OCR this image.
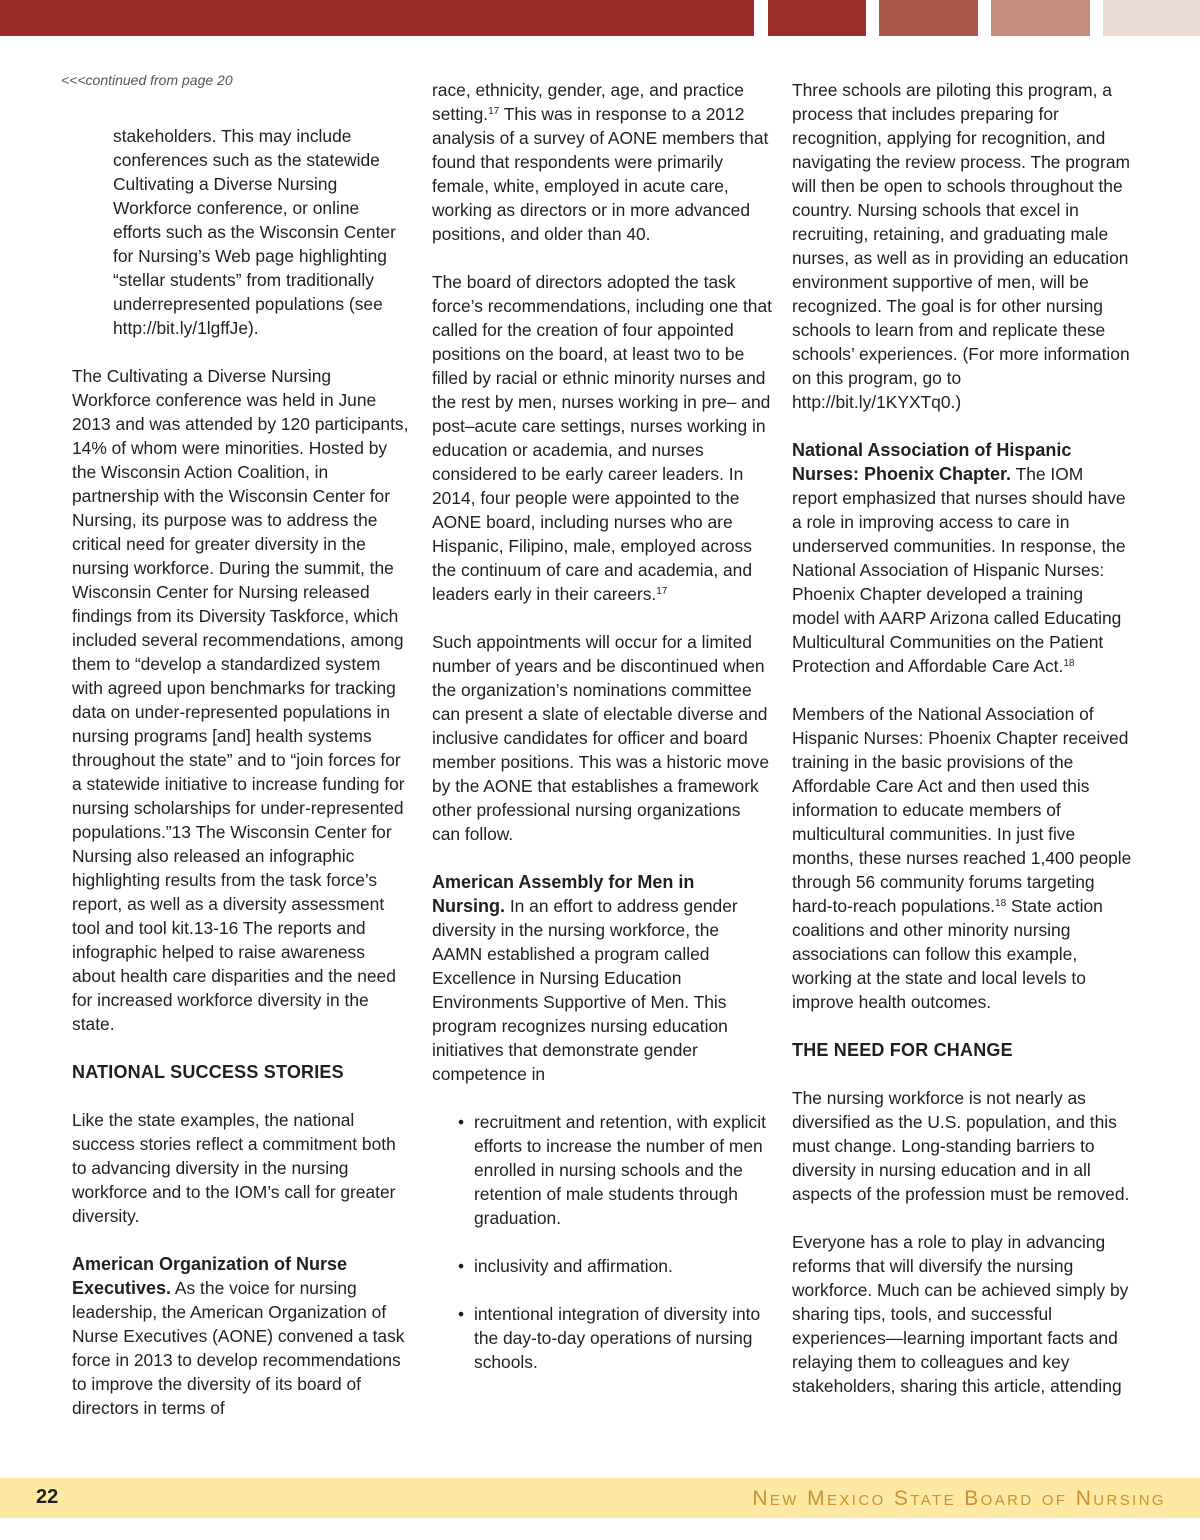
<<<continued from page 20

stakeholders. This may include conferences such as the statewide Cultivating a Diverse Nursing Workforce conference, or online efforts such as the Wisconsin Center for Nursing’s Web page highlighting “stellar students” from traditionally underrepresented populations (see http://bit.ly/1lgffJe).

The Cultivating a Diverse Nursing Workforce conference was held in June 2013 and was attended by 120 participants, 14% of whom were minorities. Hosted by the Wisconsin Action Coalition, in partnership with the Wisconsin Center for Nursing, its purpose was to address the critical need for greater diversity in the nursing workforce. During the summit, the Wisconsin Center for Nursing released findings from its Diversity Taskforce, which included several recommendations, among them to “develop a standardized system with agreed upon benchmarks for tracking data on under-represented populations in nursing programs [and] health systems throughout the state” and to “join forces for a statewide initiative to increase funding for nursing scholarships for under-represented populations.”13 The Wisconsin Center for Nursing also released an infographic highlighting results from the task force’s report, as well as a diversity assessment tool and tool kit.13-16 The reports and infographic helped to raise awareness about health care disparities and the need for increased workforce diversity in the state.

NATIONAL SUCCESS STORIES

Like the state examples, the national success stories reflect a commitment both to advancing diversity in the nursing workforce and to the IOM’s call for greater diversity.

American Organization of Nurse Executives. As the voice for nursing leadership, the American Organization of Nurse Executives (AONE) convened a task force in 2013 to develop recommendations to improve the diversity of its board of directors in terms of

race, ethnicity, gender, age, and practice setting.$^{17}$ This was in response to a 2012 analysis of a survey of AONE members that found that respondents were primarily female, white, employed in acute care, working as directors or in more advanced positions, and older than 40.

The board of directors adopted the task force’s recommendations, including one that called for the creation of four appointed positions on the board, at least two to be filled by racial or ethnic minority nurses and the rest by men, nurses working in pre– and post–acute care settings, nurses working in education or academia, and nurses considered to be early career leaders. In 2014, four people were appointed to the AONE board, including nurses who are Hispanic, Filipino, male, employed across the continuum of care and academia, and leaders early in their careers.$^{17}$

Such appointments will occur for a limited number of years and be discontinued when the organization’s nominations committee can present a slate of electable diverse and inclusive candidates for officer and board member positions. This was a historic move by the AONE that establishes a framework other professional nursing organizations can follow.

American Assembly for Men in Nursing. In an effort to address gender diversity in the nursing workforce, the AAMN established a program called Excellence in Nursing Education Environments Supportive of Men. This program recognizes nursing education initiatives that demonstrate gender competence in

• recruitment and retention, with explicit efforts to increase the number of men enrolled in nursing schools and the retention of male students through graduation.
• inclusivity and affirmation.
• intentional integration of diversity into the day-to-day operations of nursing schools.

Three schools are piloting this program, a process that includes preparing for recognition, applying for recognition, and navigating the review process. The program will then be open to schools throughout the country. Nursing schools that excel in recruiting, retaining, and graduating male nurses, as well as in providing an education environment supportive of men, will be recognized. The goal is for other nursing schools to learn from and replicate these schools’ experiences. (For more information on this program, go to http://bit.ly/1KYXTq0.)

National Association of Hispanic Nurses: Phoenix Chapter. The IOM report emphasized that nurses should have a role in improving access to care in underserved communities. In response, the National Association of Hispanic Nurses: Phoenix Chapter developed a training model with AARP Arizona called Educating Multicultural Communities on the Patient Protection and Affordable Care Act.$^{18}$

Members of the National Association of Hispanic Nurses: Phoenix Chapter received training in the basic provisions of the Affordable Care Act and then used this information to educate members of multicultural communities. In just five months, these nurses reached 1,400 people through 56 community forums targeting hard-to-reach populations.$^{18}$ State action coalitions and other minority nursing associations can follow this example, working at the state and local levels to improve health outcomes.

THE NEED FOR CHANGE

The nursing workforce is not nearly as diversified as the U.S. population, and this must change. Long-standing barriers to diversity in nursing education and in all aspects of the profession must be removed.

Everyone has a role to play in advancing reforms that will diversify the nursing workforce. Much can be achieved simply by sharing tips, tools, and successful experiences—learning important facts and relaying them to colleagues and key stakeholders, sharing this article, attending

22	New Mexico State Board of Nursing
